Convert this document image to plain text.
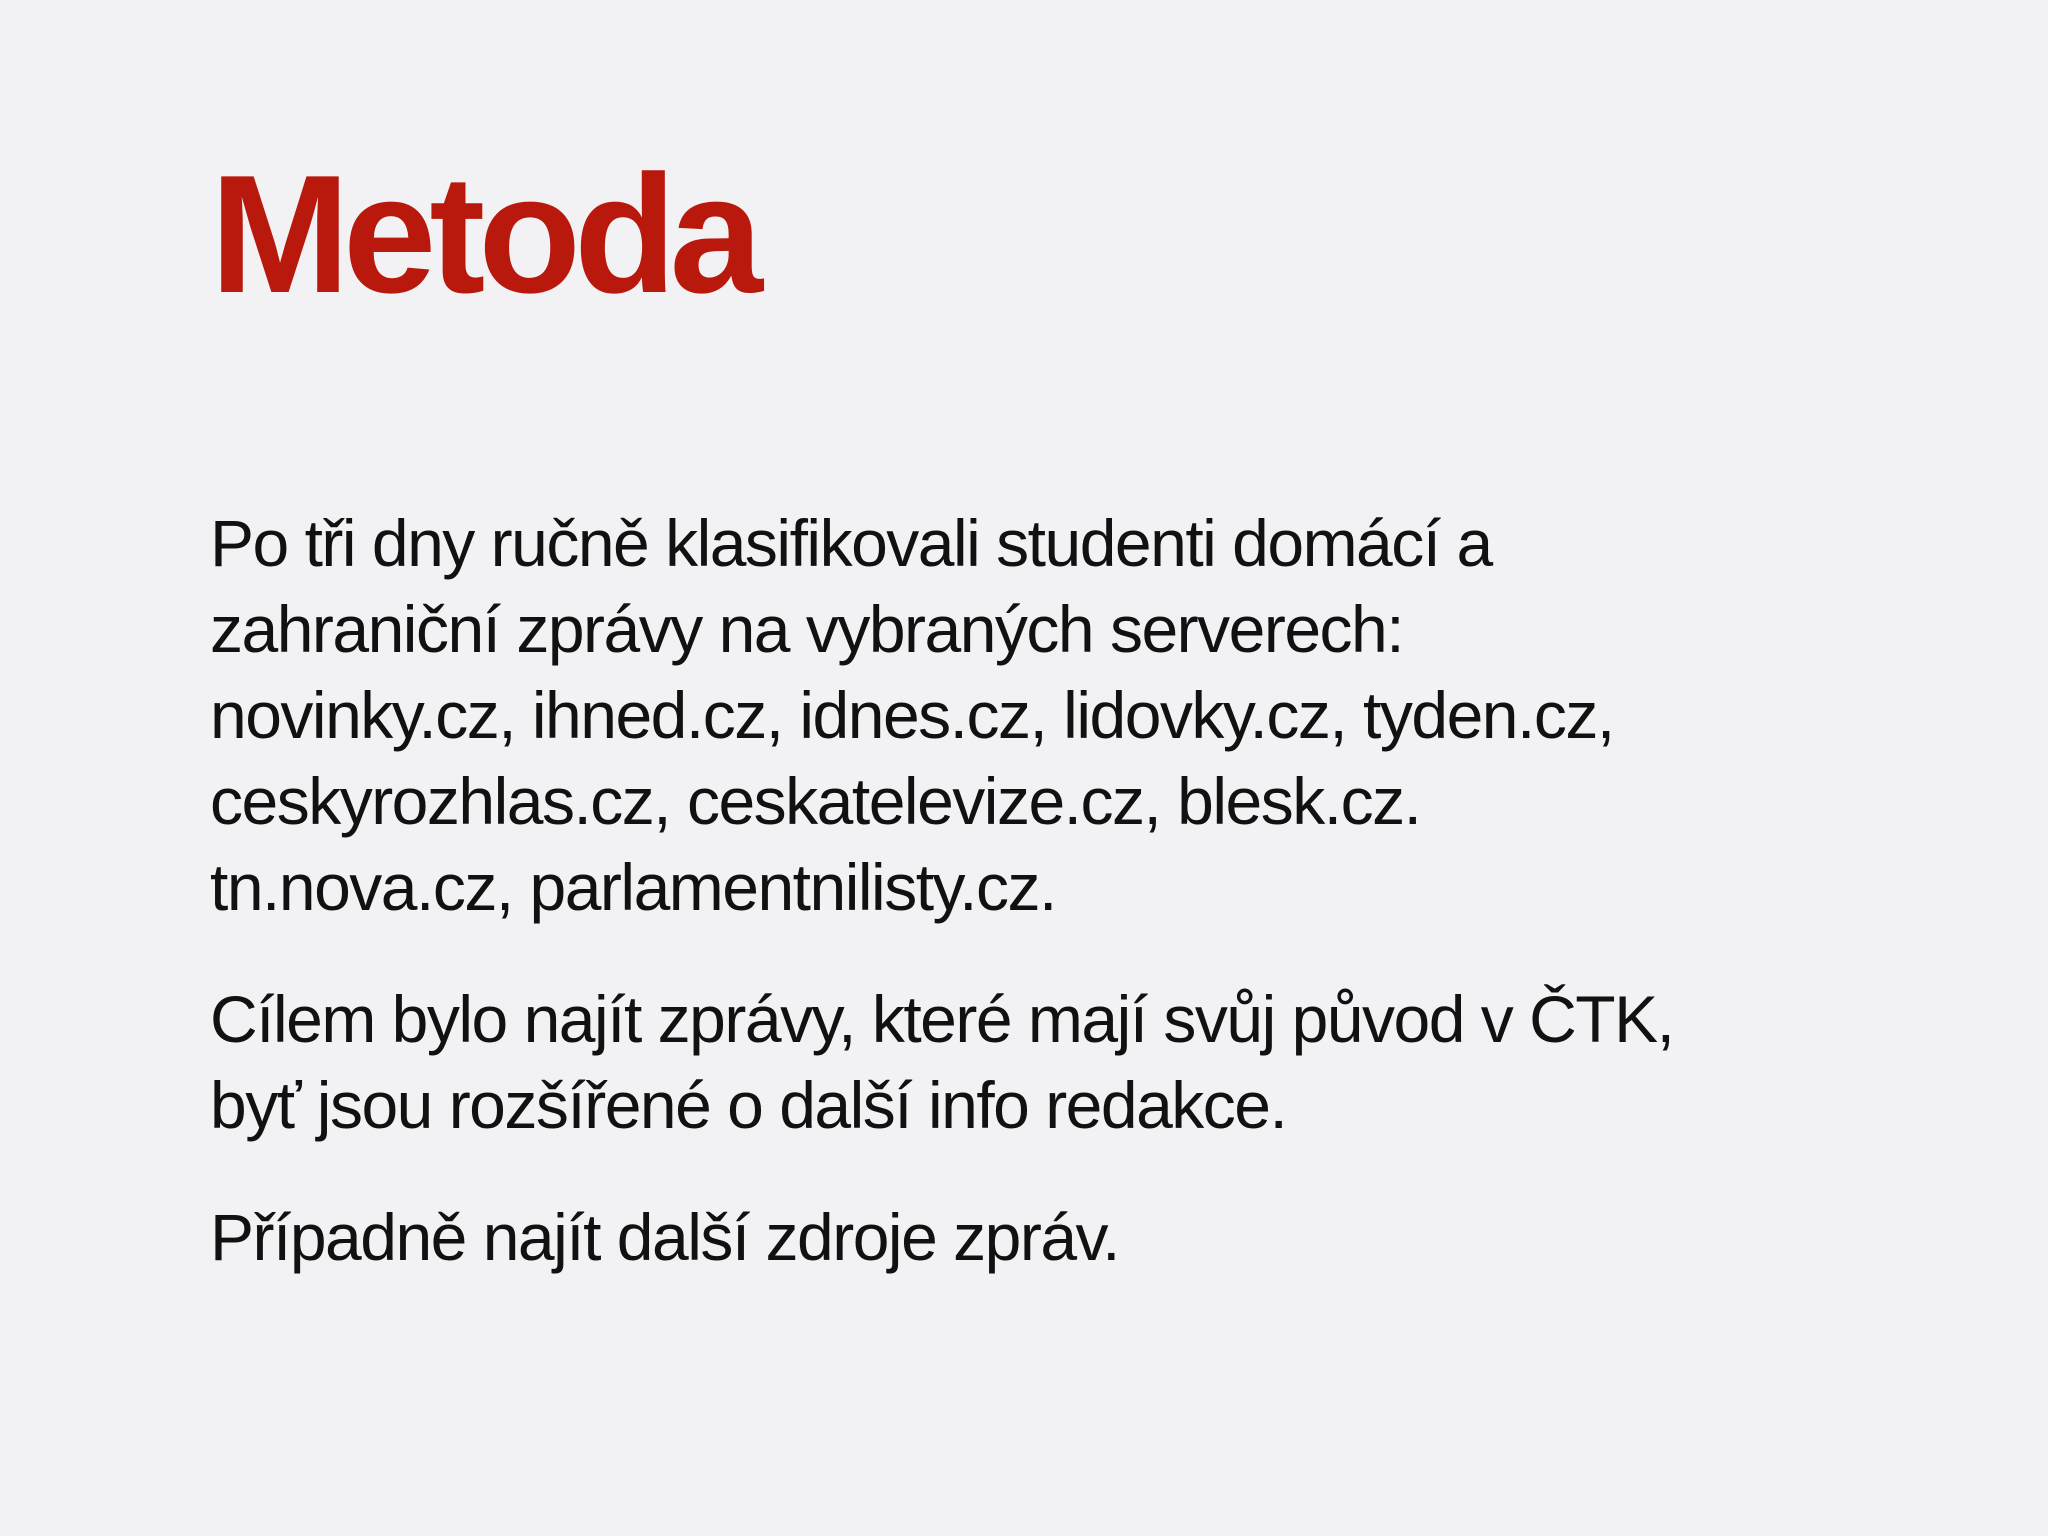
Metoda

Po tři dny ručně klasifikovali studenti domácí a
zahraniční zprávy na vybraných serverech:
novinky.cz, ihned.cz, idnes.cz, lidovky.cz, tyden.cz,
ceskyrozhlas.cz, ceskatelevize.cz, blesk.cz.
tn.nova.cz, parlamentnilisty.cz.

Cílem bylo najít zprávy, které mají svůj původ v ČTK,
byť jsou rozšířené o další info redakce.

Případně najít další zdroje zpráv.
